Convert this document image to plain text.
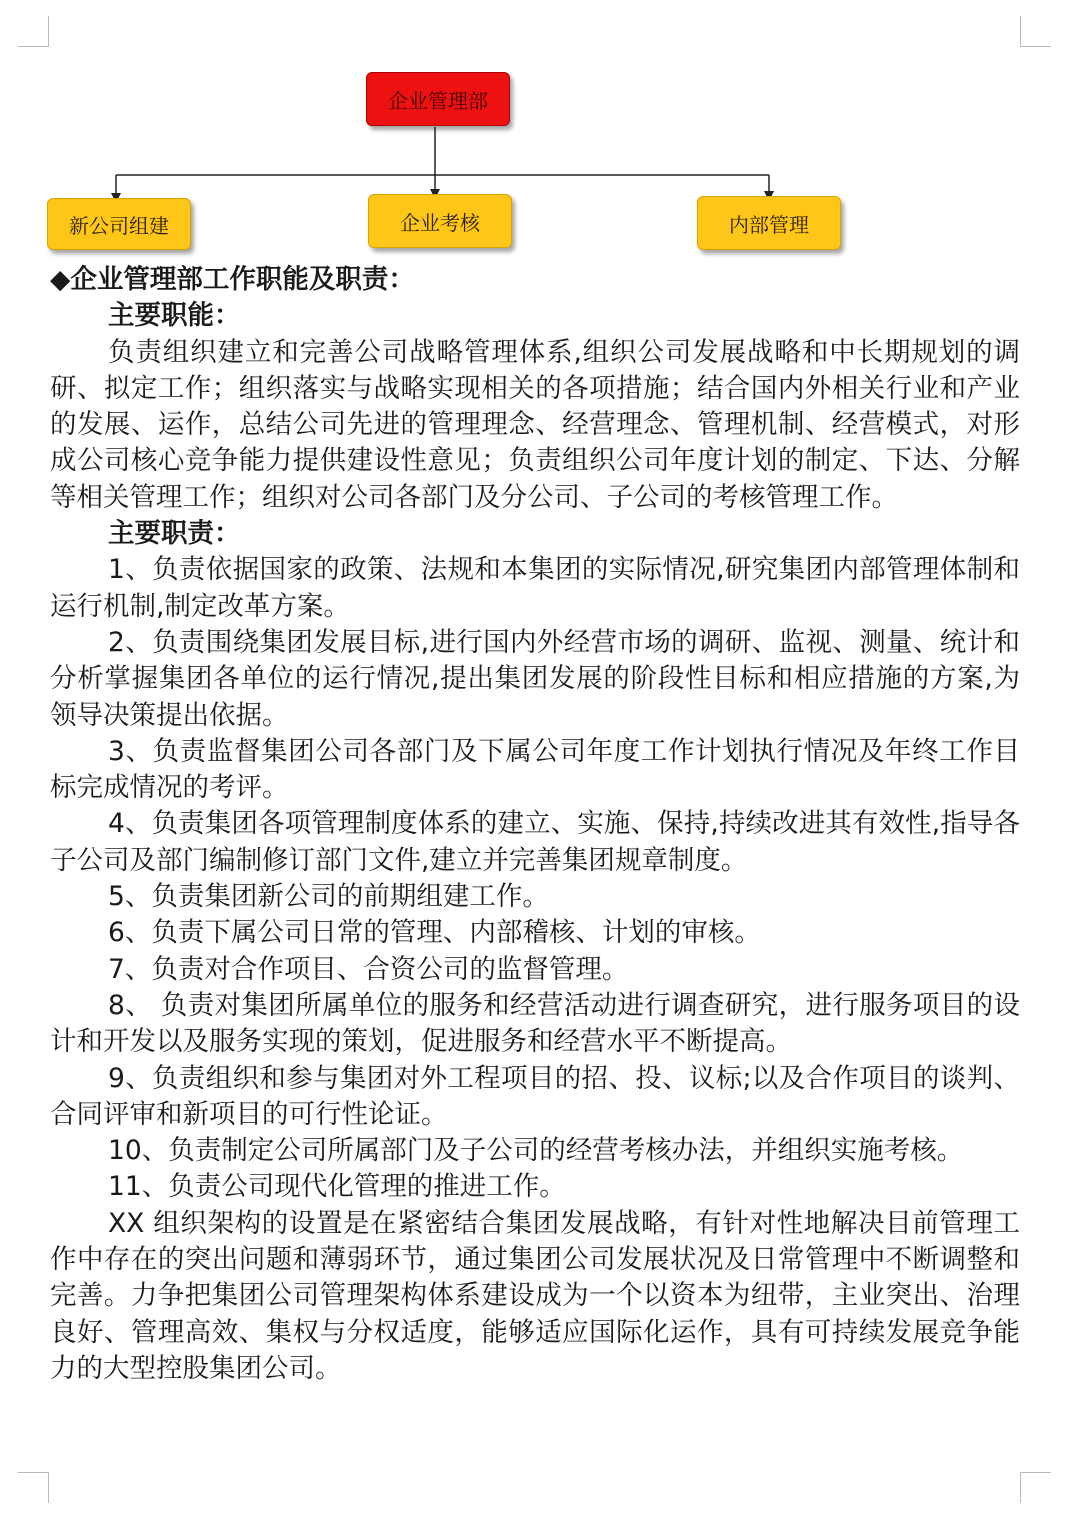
企业管理部
新公司组建	企业考核	内部管理

◆企业管理部工作职能及职责：

主要职能：

负责组织建立和完善公司战略管理体系,组织公司发展战略和中长期规划的调研、拟定工作；组织落实与战略实现相关的各项措施；结合国内外相关行业和产业的发展、运作，总结公司先进的管理理念、经营理念、管理机制、经营模式，对形成公司核心竞争能力提供建设性意见；负责组织公司年度计划的制定、下达、分解等相关管理工作；组织对公司各部门及分公司、子公司的考核管理工作。

主要职责：

1、负责依据国家的政策、法规和本集团的实际情况,研究集团内部管理体制和运行机制,制定改革方案。

2、负责围绕集团发展目标,进行国内外经营市场的调研、监视、测量、统计和分析掌握集团各单位的运行情况,提出集团发展的阶段性目标和相应措施的方案,为领导决策提出依据。

3、负责监督集团公司各部门及下属公司年度工作计划执行情况及年终工作目标完成情况的考评。

4、负责集团各项管理制度体系的建立、实施、保持,持续改进其有效性,指导各子公司及部门编制修订部门文件,建立并完善集团规章制度。

5、负责集团新公司的前期组建工作。

6、负责下属公司日常的管理、内部稽核、计划的审核。

7、负责对合作项目、合资公司的监督管理。

8、 负责对集团所属单位的服务和经营活动进行调查研究，进行服务项目的设计和开发以及服务实现的策划，促进服务和经营水平不断提高。

9、负责组织和参与集团对外工程项目的招、投、议标;以及合作项目的谈判、合同评审和新项目的可行性论证。

10、负责制定公司所属部门及子公司的经营考核办法，并组织实施考核。

11、负责公司现代化管理的推进工作。

XX 组织架构的设置是在紧密结合集团发展战略，有针对性地解决目前管理工作中存在的突出问题和薄弱环节，通过集团公司发展状况及日常管理中不断调整和完善。力争把集团公司管理架构体系建设成为一个以资本为纽带，主业突出、治理良好、管理高效、集权与分权适度，能够适应国际化运作，具有可持续发展竞争能力的大型控股集团公司。
